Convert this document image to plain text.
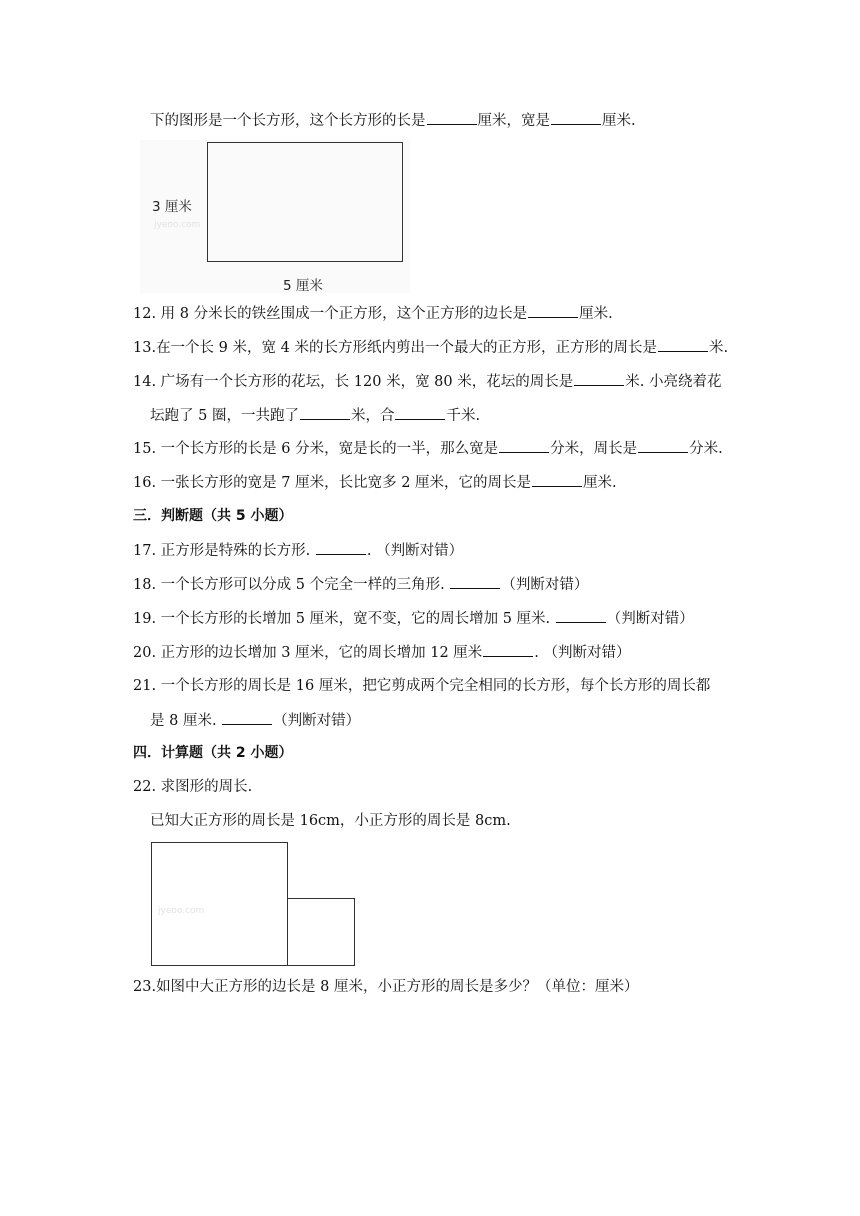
下的图形是一个长方形，这个长方形的长是	厘米，宽是	厘米.
3 厘米
jyeoo.com
5 厘米
12. 用 8 分米长的铁丝围成一个正方形，这个正方形的边长是	厘米.
13.在一个长 9 米，宽 4 米的长方形纸内剪出一个最大的正方形，正方形的周长是	米.
14. 广场有一个长方形的花坛，长 120 米，宽 80 米，花坛的周长是	米. 小亮绕着花
坛跑了 5 圈，一共跑了	米，合	千米.
15. 一个长方形的长是 6 分米，宽是长的一半，那么宽是	分米，周长是	分米.
16. 一张长方形的宽是 7 厘米，长比宽多 2 厘米，它的周长是	厘米.
三．判断题（共 5 小题）
17. 正方形是特殊的长方形.	. （判断对错）
18. 一个长方形可以分成 5 个完全一样的三角形.	（判断对错）
19. 一个长方形的长增加 5 厘米，宽不变，它的周长增加 5 厘米.	（判断对错）
20. 正方形的边长增加 3 厘米，它的周长增加 12 厘米	. （判断对错）
21. 一个长方形的周长是 16 厘米，把它剪成两个完全相同的长方形，每个长方形的周长都
是 8 厘米.	（判断对错）
四．计算题（共 2 小题）
22. 求图形的周长.
已知大正方形的周长是 16cm，小正方形的周长是 8cm.
jyeoo.com
23.如图中大正方形的边长是 8 厘米，小正方形的周长是多少？（单位：厘米）
